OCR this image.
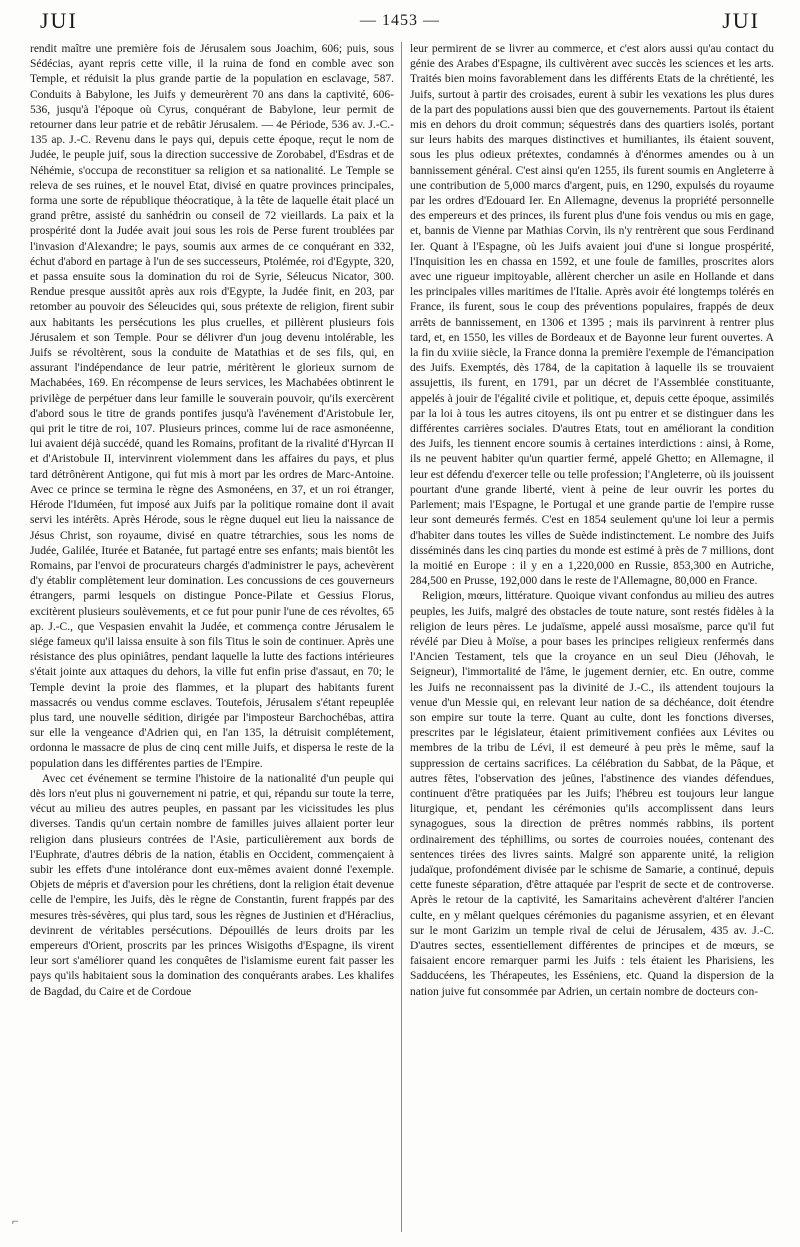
JUI	— 1453 —	JUI

rendit maître une première fois de Jérusalem sous Joachim, 606; puis, sous Sédécias, ayant repris cette ville, il la ruina de fond en comble avec son Temple, et réduisit la plus grande partie de la population en esclavage, 587. Conduits à Babylone, les Juifs y demeurèrent 70 ans dans la captivité, 606-536, jusqu'à l'époque où Cyrus, conquérant de Babylone, leur permit de retourner dans leur patrie et de rebâtir Jérusalem. — 4e Période, 536 av. J.-C.- 135 ap. J.-C. Revenu dans le pays qui, depuis cette époque, reçut le nom de Judée, le peuple juif, sous la direction successive de Zorobabel, d'Esdras et de Néhémie, s'occupa de reconstituer sa religion et sa nationalité. Le Temple se releva de ses ruines, et le nouvel Etat, divisé en quatre provinces principales, forma une sorte de république théocratique, à la tête de laquelle était placé un grand prêtre, assisté du sanhédrin ou conseil de 72 vieillards. La paix et la prospérité dont la Judée avait joui sous les rois de Perse furent troublées par l'invasion d'Alexandre; le pays, soumis aux armes de ce conquérant en 332, échut d'abord en partage à l'un de ses successeurs, Ptolémée, roi d'Egypte, 320, et passa ensuite sous la domination du roi de Syrie, Séleucus Nicator, 300. Rendue presque aussitôt après aux rois d'Egypte, la Judée finit, en 203, par retomber au pouvoir des Séleucides qui, sous prétexte de religion, firent subir aux habitants les persécutions les plus cruelles, et pillèrent plusieurs fois Jérusalem et son Temple. Pour se délivrer d'un joug devenu intolérable, les Juifs se révoltèrent, sous la conduite de Matathias et de ses fils, qui, en assurant l'indépendance de leur patrie, méritèrent le glorieux surnom de Machabées, 169. En récompense de leurs services, les Machabées obtinrent le privilège de perpétuer dans leur famille le souverain pouvoir, qu'ils exercèrent d'abord sous le titre de grands pontifes jusqu'à l'avénement d'Aristobule Ier, qui prit le titre de roi, 107. Plusieurs princes, comme lui de race asmonéenne, lui avaient déjà succédé, quand les Romains, profitant de la rivalité d'Hyrcan II et d'Aristobule II, intervinrent violemment dans les affaires du pays, et plus tard détrônèrent Antigone, qui fut mis à mort par les ordres de Marc-Antoine. Avec ce prince se termina le règne des Asmonéens, en 37, et un roi étranger, Hérode l'Iduméen, fut imposé aux Juifs par la politique romaine dont il avait servi les intérêts. Après Hérode, sous le règne duquel eut lieu la naissance de Jésus Christ, son royaume, divisé en quatre tétrarchies, sous les noms de Judée, Galilée, Iturée et Batanée, fut partagé entre ses enfants; mais bientôt les Romains, par l'envoi de procurateurs chargés d'administrer le pays, achevèrent d'y établir complètement leur domination. Les concussions de ces gouverneurs étrangers, parmi lesquels on distingue Ponce-Pilate et Gessius Florus, excitèrent plusieurs soulèvements, et ce fut pour punir l'une de ces révoltes, 65 ap. J.-C., que Vespasien envahit la Judée, et commença contre Jérusalem le siége fameux qu'il laissa ensuite à son fils Titus le soin de continuer. Après une résistance des plus opiniâtres, pendant laquelle la lutte des factions intérieures s'était jointe aux attaques du dehors, la ville fut enfin prise d'assaut, en 70; le Temple devint la proie des flammes, et la plupart des habitants furent massacrés ou vendus comme esclaves. Toutefois, Jérusalem s'étant repeuplée plus tard, une nouvelle sédition, dirigée par l'imposteur Barchochébas, attira sur elle la vengeance d'Adrien qui, en l'an 135, la détruisit complétement, ordonna le massacre de plus de cinq cent mille Juifs, et dispersa le reste de la population dans les différentes parties de l'Empire.

Avec cet événement se termine l'histoire de la nationalité d'un peuple qui dès lors n'eut plus ni gouvernement ni patrie, et qui, répandu sur toute la terre, vécut au milieu des autres peuples, en passant par les vicissitudes les plus diverses. Tandis qu'un certain nombre de familles juives allaient porter leur religion dans plusieurs contrées de l'Asie, particulièrement aux bords de l'Euphrate, d'autres débris de la nation, établis en Occident, commençaient à subir les effets d'une intolérance dont eux-mêmes avaient donné l'exemple. Objets de mépris et d'aversion pour les chrétiens, dont la religion était devenue celle de l'empire, les Juifs, dès le règne de Constantin, furent frappés par des mesures très-sévères, qui plus tard, sous les règnes de Justinien et d'Héraclius, devinrent de véritables persécutions. Dépouillés de leurs droits par les empereurs d'Orient, proscrits par les princes Wisigoths d'Espagne, ils virent leur sort s'améliorer quand les conquêtes de l'islamisme eurent fait passer les pays qu'ils habitaient sous la domination des conquérants arabes. Les khalifes de Bagdad, du Caire et de Cordoue

leur permirent de se livrer au commerce, et c'est alors aussi qu'au contact du génie des Arabes d'Espagne, ils cultivèrent avec succès les sciences et les arts. Traités bien moins favorablement dans les différents Etats de la chrétienté, les Juifs, surtout à partir des croisades, eurent à subir les vexations les plus dures de la part des populations aussi bien que des gouvernements. Partout ils étaient mis en dehors du droit commun; séquestrés dans des quartiers isolés, portant sur leurs habits des marques distinctives et humiliantes, ils étaient souvent, sous les plus odieux prétextes, condamnés à d'énormes amendes ou à un bannissement général. C'est ainsi qu'en 1255, ils furent soumis en Angleterre à une contribution de 5,000 marcs d'argent, puis, en 1290, expulsés du royaume par les ordres d'Edouard Ier. En Allemagne, devenus la propriété personnelle des empereurs et des princes, ils furent plus d'une fois vendus ou mis en gage, et, bannis de Vienne par Mathias Corvin, ils n'y rentrèrent que sous Ferdinand Ier. Quant à l'Espagne, où les Juifs avaient joui d'une si longue prospérité, l'Inquisition les en chassa en 1592, et une foule de familles, proscrites alors avec une rigueur impitoyable, allèrent chercher un asile en Hollande et dans les principales villes maritimes de l'Italie. Après avoir été longtemps tolérés en France, ils furent, sous le coup des préventions populaires, frappés de deux arrêts de bannissement, en 1306 et 1395 ; mais ils parvinrent à rentrer plus tard, et, en 1550, les villes de Bordeaux et de Bayonne leur furent ouvertes. A la fin du xviiie siècle, la France donna la première l'exemple de l'émancipation des Juifs. Exemptés, dès 1784, de la capitation à laquelle ils se trouvaient assujettis, ils furent, en 1791, par un décret de l'Assemblée constituante, appelés à jouir de l'égalité civile et politique, et, depuis cette époque, assimilés par la loi à tous les autres citoyens, ils ont pu entrer et se distinguer dans les différentes carrières sociales. D'autres Etats, tout en améliorant la condition des Juifs, les tiennent encore soumis à certaines interdictions : ainsi, à Rome, ils ne peuvent habiter qu'un quartier fermé, appelé Ghetto; en Allemagne, il leur est défendu d'exercer telle ou telle profession; l'Angleterre, où ils jouissent pourtant d'une grande liberté, vient à peine de leur ouvrir les portes du Parlement; mais l'Espagne, le Portugal et une grande partie de l'empire russe leur sont demeurés fermés. C'est en 1854 seulement qu'une loi leur a permis d'habiter dans toutes les villes de Suède indistinctement. Le nombre des Juifs disséminés dans les cinq parties du monde est estimé à près de 7 millions, dont la moitié en Europe : il y en a 1,220,000 en Russie, 853,300 en Autriche, 284,500 en Prusse, 192,000 dans le reste de l'Allemagne, 80,000 en France.

Religion, mœurs, littérature. Quoique vivant confondus au milieu des autres peuples, les Juifs, malgré des obstacles de toute nature, sont restés fidèles à la religion de leurs pères. Le judaïsme, appelé aussi mosaïsme, parce qu'il fut révélé par Dieu à Moïse, a pour bases les principes religieux renfermés dans l'Ancien Testament, tels que la croyance en un seul Dieu (Jéhovah, le Seigneur), l'immortalité de l'âme, le jugement dernier, etc. En outre, comme les Juifs ne reconnaissent pas la divinité de J.-C., ils attendent toujours la venue d'un Messie qui, en relevant leur nation de sa déchéance, doit étendre son empire sur toute la terre. Quant au culte, dont les fonctions diverses, prescrites par le législateur, étaient primitivement confiées aux Lévites ou membres de la tribu de Lévi, il est demeuré à peu près le même, sauf la suppression de certains sacrifices. La célébration du Sabbat, de la Pâque, et autres fêtes, l'observation des jeûnes, l'abstinence des viandes défendues, continuent d'être pratiquées par les Juifs; l'hébreu est toujours leur langue liturgique, et, pendant les cérémonies qu'ils accomplissent dans leurs synagogues, sous la direction de prêtres nommés rabbins, ils portent ordinairement des téphillims, ou sortes de courroies nouées, contenant des sentences tirées des livres saints. Malgré son apparente unité, la religion judaïque, profondément divisée par le schisme de Samarie, a continué, depuis cette funeste séparation, d'être attaquée par l'esprit de secte et de controverse. Après le retour de la captivité, les Samaritains achevèrent d'altérer l'ancien culte, en y mêlant quelques cérémonies du paganisme assyrien, et en élevant sur le mont Garizim un temple rival de celui de Jérusalem, 435 av. J.-C. D'autres sectes, essentiellement différentes de principes et de mœurs, se faisaient encore remarquer parmi les Juifs : tels étaient les Pharisiens, les Sadducéens, les Thérapeutes, les Esséniens, etc. Quand la dispersion de la nation juive fut consommée par Adrien, un certain nombre de docteurs con-

⌐
